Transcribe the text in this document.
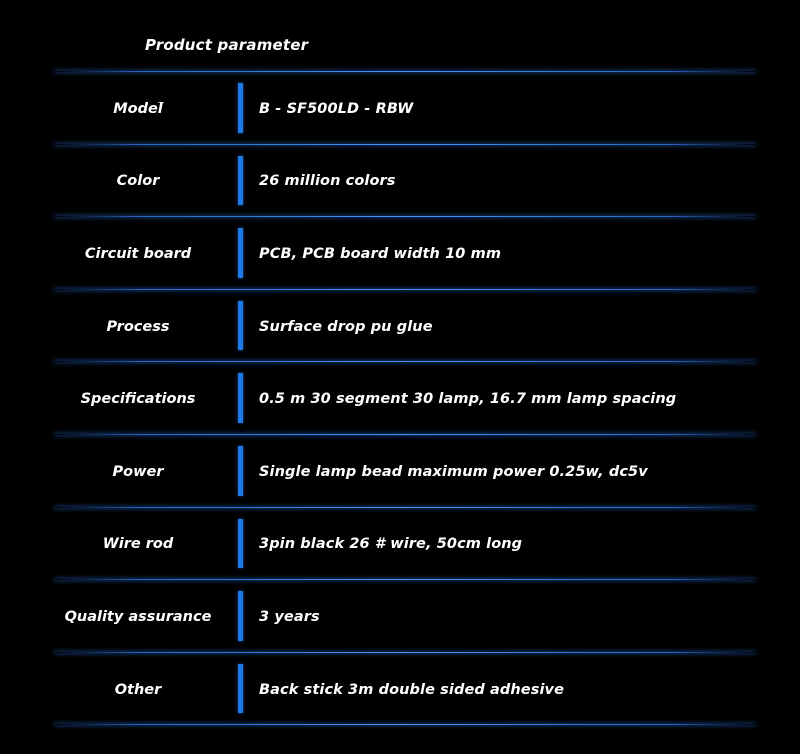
Product parameter
Model	B - SF500LD - RBW
Color	26 million colors
Circuit board	PCB, PCB board width 10 mm
Process	Surface drop pu glue
Specifications	0.5 m 30 segment 30 lamp, 16.7 mm lamp spacing
Power	Single lamp bead maximum power 0.25w, dc5v
Wire rod	3pin black 26 # wire, 50cm long
Quality assurance	3 years
Other	Back stick 3m double sided adhesive
